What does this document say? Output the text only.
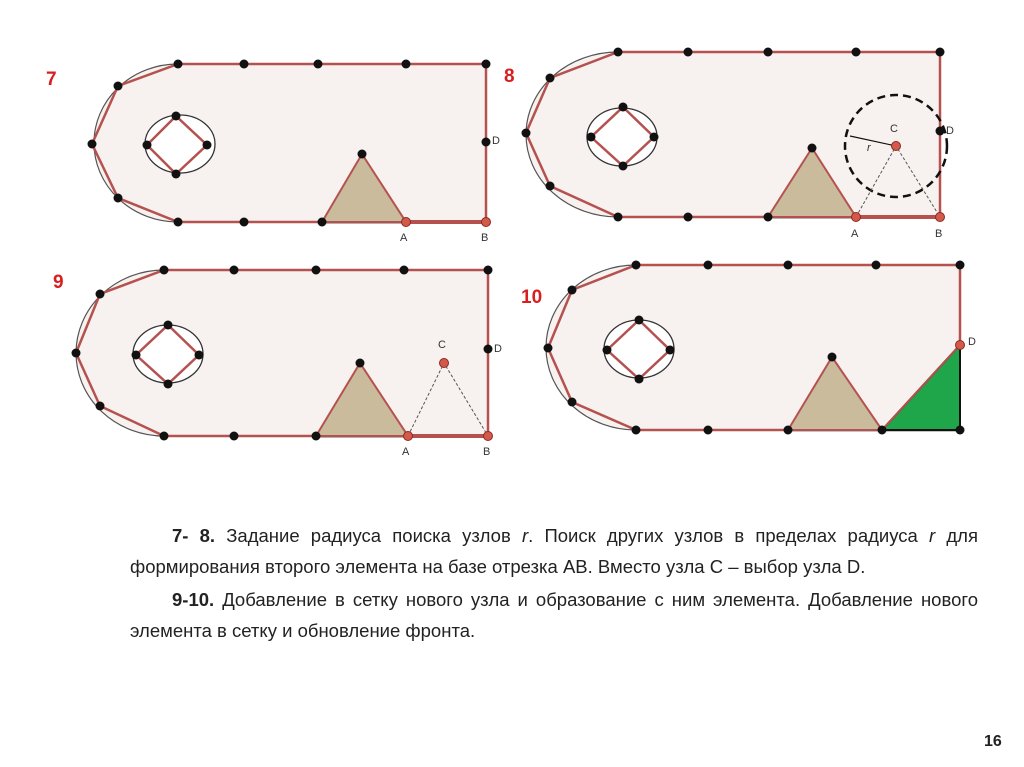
7
A	B
D
8
A	B
C	D
r
9
A	B
C	D
10
D

7- 8. Задание радиуса поиска узлов r. Поиск других узлов в пределах радиуса r для формирования второго элемента на базе отрезка AB. Вместо узла C – выбор узла D.

9-10. Добавление в сетку нового узла и образование с ним элемента. Добавление нового элемента в сетку и обновление фронта.

16
